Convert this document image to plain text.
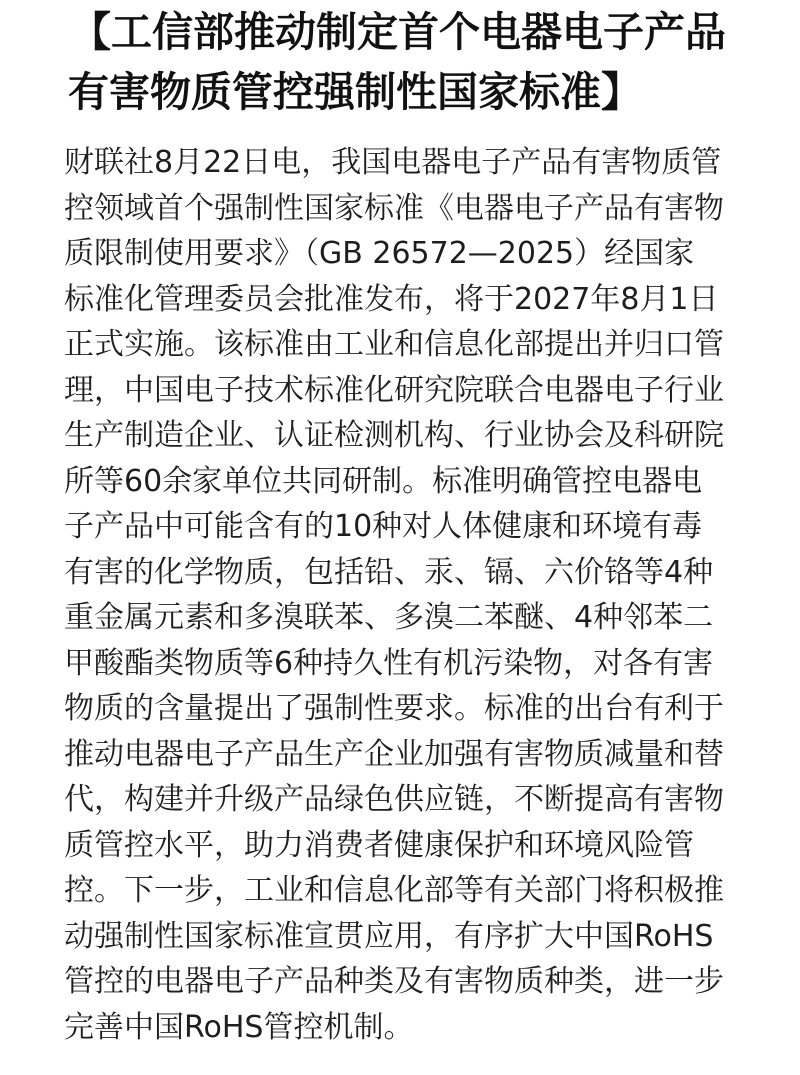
【工信部推动制定首个电器电子产品
有害物质管控强制性国家标准】
财联社8月22日电，我国电器电子产品有害物质管
控领域首个强制性国家标准《电器电子产品有害物
质限制使用要求》（GB 26572—2025）经国家
标准化管理委员会批准发布，将于2027年8月1日
正式实施。该标准由工业和信息化部提出并归口管
理，中国电子技术标准化研究院联合电器电子行业
生产制造企业、认证检测机构、行业协会及科研院
所等60余家单位共同研制。标准明确管控电器电
子产品中可能含有的10种对人体健康和环境有毒
有害的化学物质，包括铅、汞、镉、六价铬等4种
重金属元素和多溴联苯、多溴二苯醚、4种邻苯二
甲酸酯类物质等6种持久性有机污染物，对各有害
物质的含量提出了强制性要求。标准的出台有利于
推动电器电子产品生产企业加强有害物质减量和替
代，构建并升级产品绿色供应链，不断提高有害物
质管控水平，助力消费者健康保护和环境风险管
控。下一步，工业和信息化部等有关部门将积极推
动强制性国家标准宣贯应用，有序扩大中国RoHS
管控的电器电子产品种类及有害物质种类，进一步
完善中国RoHS管控机制。
